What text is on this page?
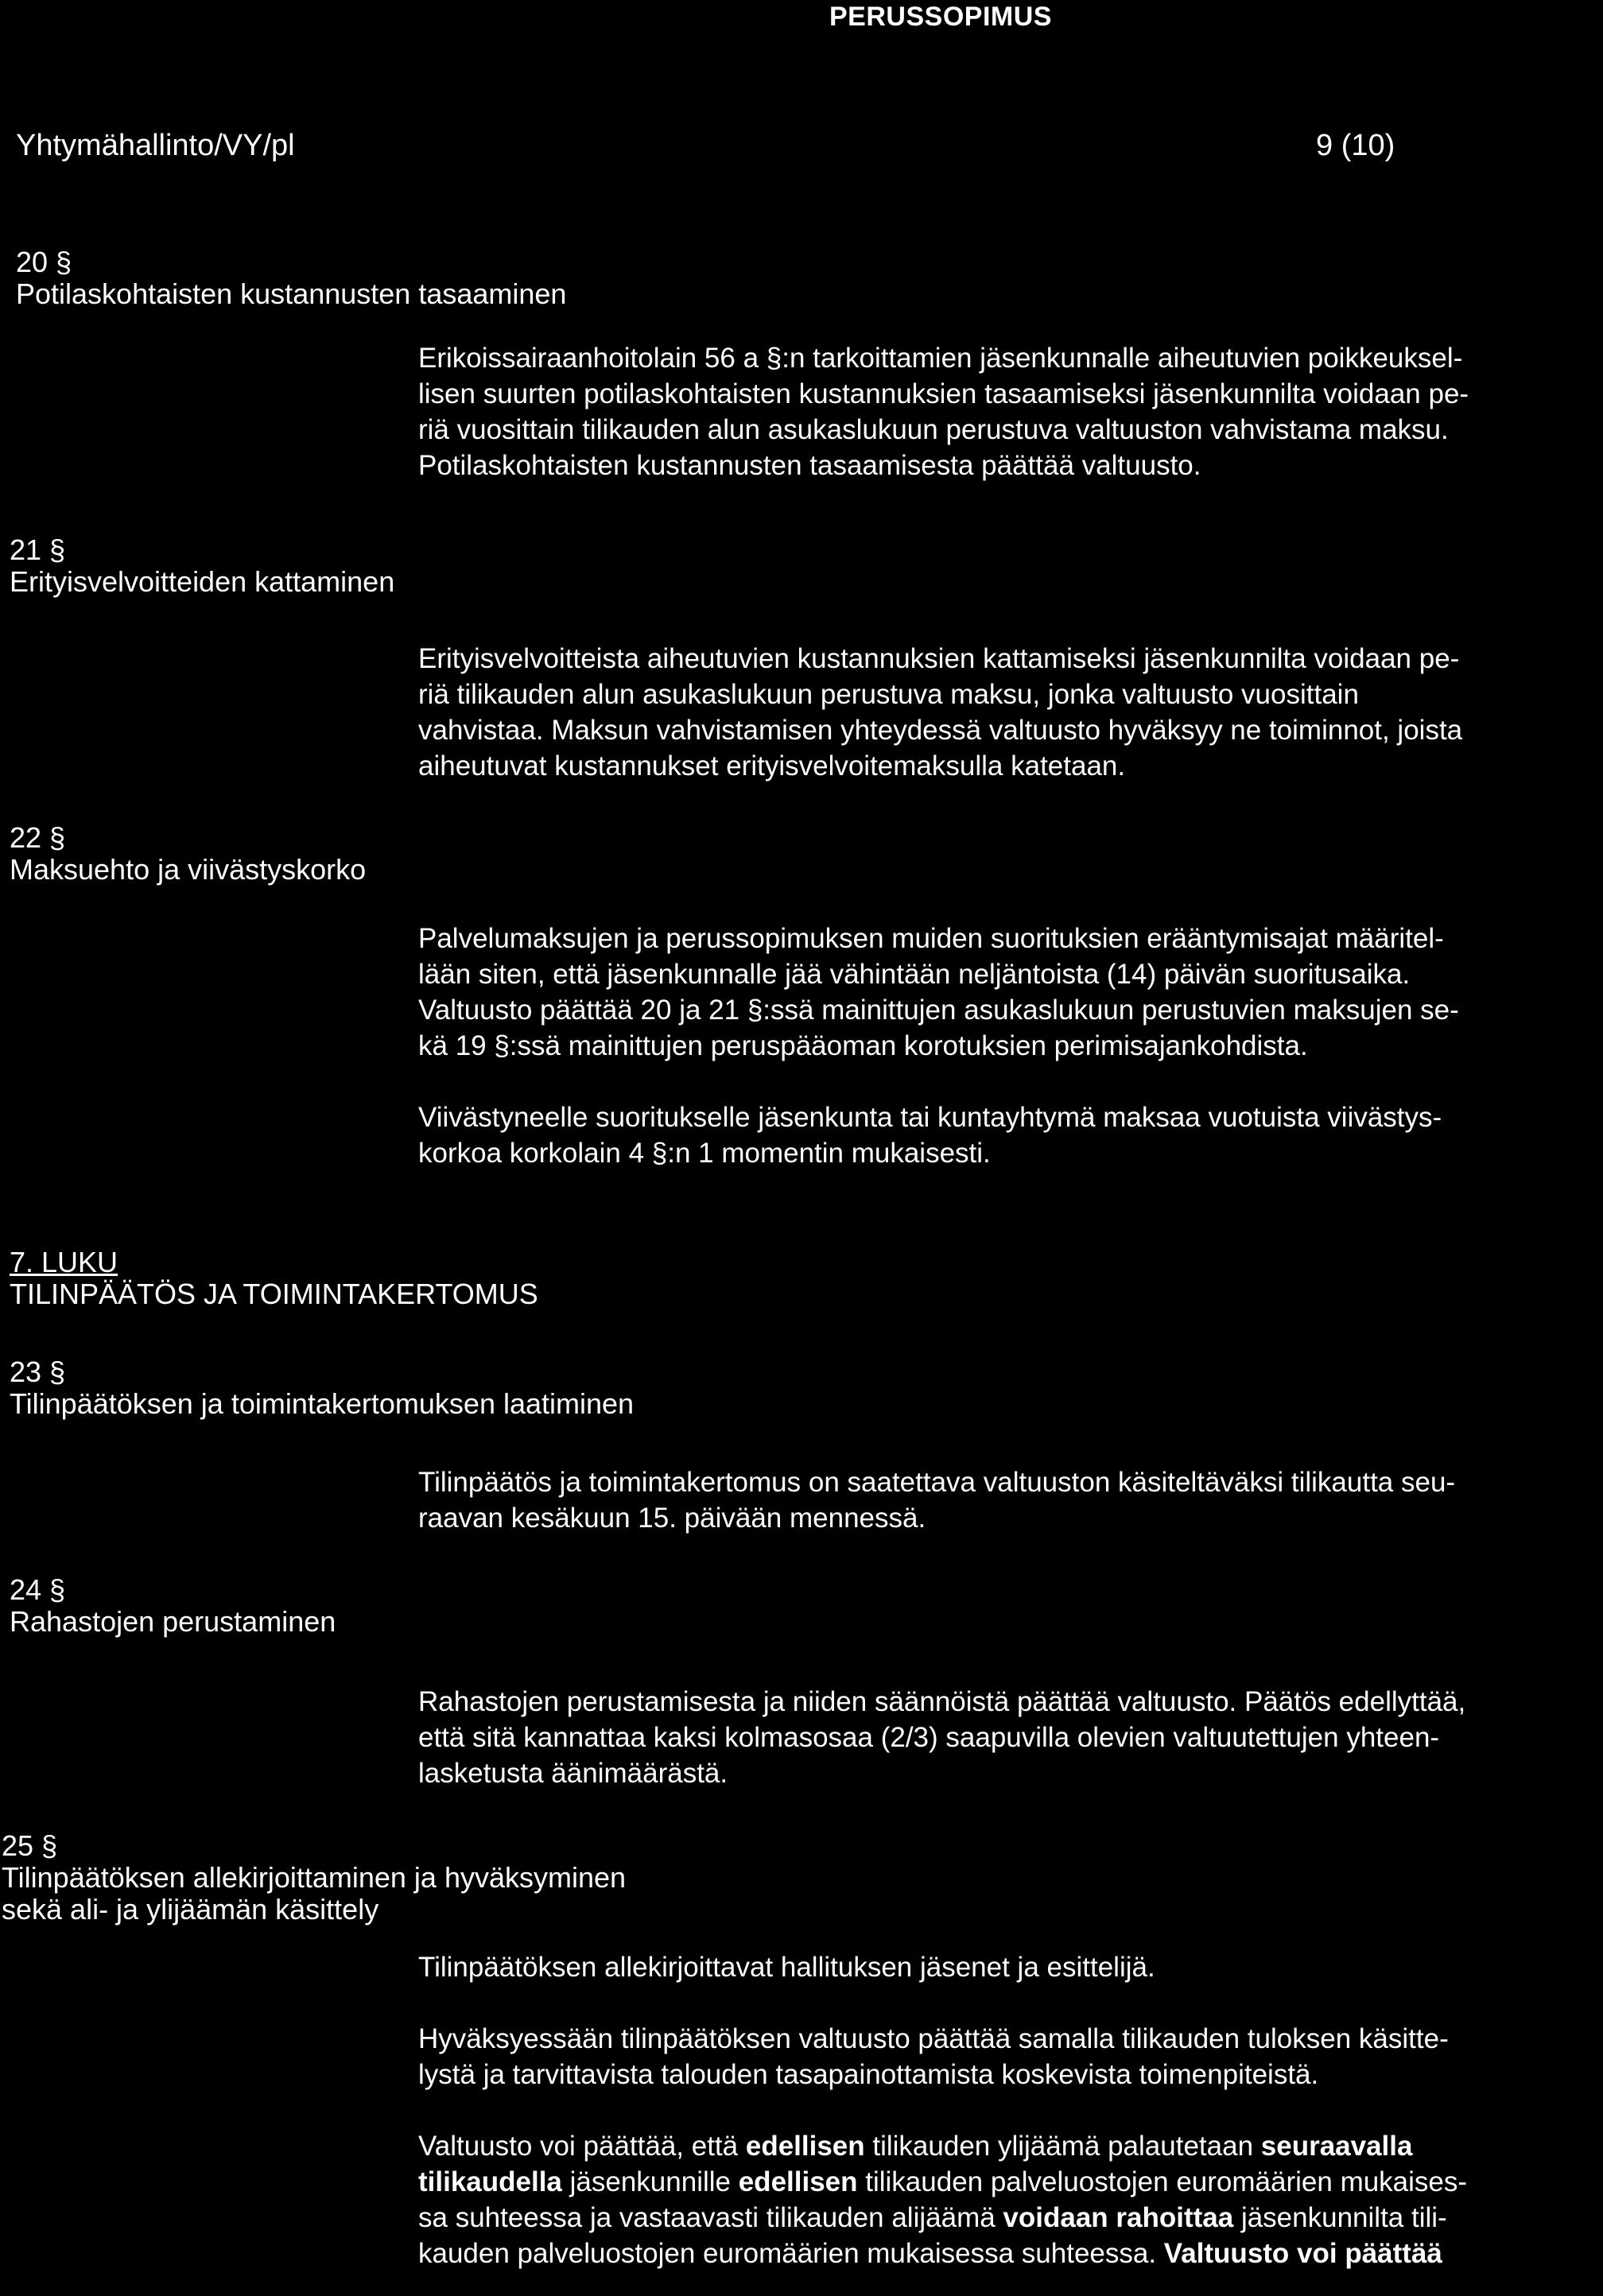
PERUSSOPIMUS
Yhtymähallinto/VY/pl	9 (10)
20 §
Potilaskohtaisten kustannusten tasaaminen

Erikoissairaanhoitolain 56 a §:n tarkoittamien jäsenkunnalle aiheutuvien poikkeuksel-
lisen suurten potilaskohtaisten kustannuksien tasaamiseksi jäsenkunnilta voidaan pe-
riä vuosittain tilikauden alun asukaslukuun perustuva valtuuston vahvistama maksu.
Potilaskohtaisten kustannusten tasaamisesta päättää valtuusto.

21 §
Erityisvelvoitteiden kattaminen

Erityisvelvoitteista aiheutuvien kustannuksien kattamiseksi jäsenkunnilta voidaan pe-
riä tilikauden alun asukaslukuun perustuva maksu, jonka valtuusto vuosittain
vahvistaa. Maksun vahvistamisen yhteydessä valtuusto hyväksyy ne toiminnot, joista
aiheutuvat kustannukset erityisvelvoitemaksulla katetaan.

22 §
Maksuehto ja viivästyskorko

Palvelumaksujen ja perussopimuksen muiden suorituksien erääntymisajat määritel-
lään siten, että jäsenkunnalle jää vähintään neljäntoista (14) päivän suoritusaika.
Valtuusto päättää 20 ja 21 §:ssä mainittujen asukaslukuun perustuvien maksujen se-
kä 19 §:ssä mainittujen peruspääoman korotuksien perimisajankohdista.

Viivästyneelle suoritukselle jäsenkunta tai kuntayhtymä maksaa vuotuista viivästys-
korkoa korkolain 4 §:n 1 momentin mukaisesti.

7. LUKU
TILINPÄÄTÖS JA TOIMINTAKERTOMUS
23 §
Tilinpäätöksen ja toimintakertomuksen laatiminen

Tilinpäätös ja toimintakertomus on saatettava valtuuston käsiteltäväksi tilikautta seu-
raavan kesäkuun 15. päivään mennessä.

24 §
Rahastojen perustaminen

Rahastojen perustamisesta ja niiden säännöistä päättää valtuusto. Päätös edellyttää,
että sitä kannattaa kaksi kolmasosaa (2/3) saapuvilla olevien valtuutettujen yhteen-
lasketusta äänimäärästä.

25 §
Tilinpäätöksen allekirjoittaminen ja hyväksyminen
sekä ali- ja ylijäämän käsittely

Tilinpäätöksen allekirjoittavat hallituksen jäsenet ja esittelijä.

Hyväksyessään tilinpäätöksen valtuusto päättää samalla tilikauden tuloksen käsitte-
lystä ja tarvittavista talouden tasapainottamista koskevista toimenpiteistä.

Valtuusto voi päättää, että edellisen tilikauden ylijäämä palautetaan seuraavalla
tilikaudella jäsenkunnille edellisen tilikauden palveluostojen euromäärien mukaises-
sa suhteessa ja vastaavasti tilikauden alijäämä voidaan rahoittaa jäsenkunnilta tili-
kauden palveluostojen euromäärien mukaisessa suhteessa. Valtuusto voi päättää
